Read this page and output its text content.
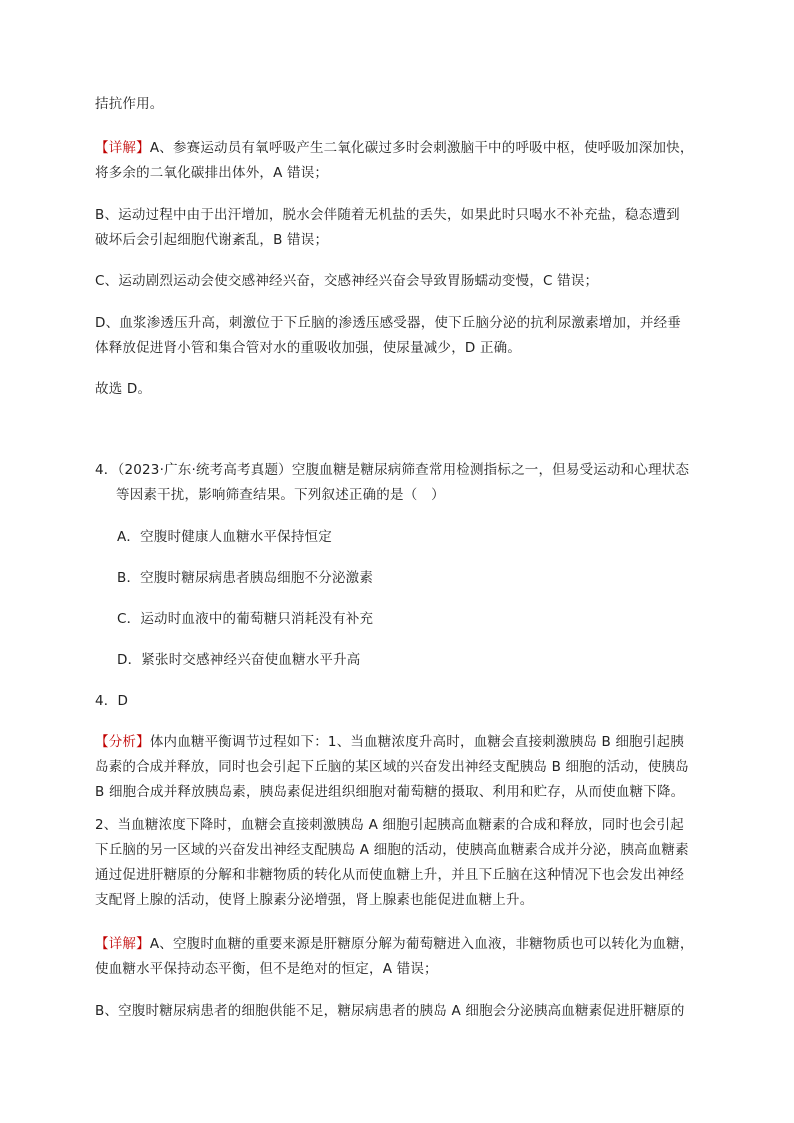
拮抗作用。
【详解】A、参赛运动员有氧呼吸产生二氧化碳过多时会刺激脑干中的呼吸中枢，使呼吸加深加快，
将多余的二氧化碳排出体外，A 错误；
B、运动过程中由于出汗增加，脱水会伴随着无机盐的丢失，如果此时只喝水不补充盐，稳态遭到
破坏后会引起细胞代谢紊乱，B 错误；
C、运动剧烈运动会使交感神经兴奋，交感神经兴奋会导致胃肠蠕动变慢，C 错误；
D、血浆渗透压升高，刺激位于下丘脑的渗透压感受器，使下丘脑分泌的抗利尿激素增加，并经垂
体释放促进肾小管和集合管对水的重吸收加强，使尿量减少，D 正确。
故选 D。
4．（2023·广东·统考高考真题）空腹血糖是糖尿病筛查常用检测指标之一，但易受运动和心理状态
等因素干扰，影响筛查结果。下列叙述正确的是（　）
A．空腹时健康人血糖水平保持恒定
B．空腹时糖尿病患者胰岛细胞不分泌激素
C．运动时血液中的葡萄糖只消耗没有补充
D．紧张时交感神经兴奋使血糖水平升高
4．D
【分析】体内血糖平衡调节过程如下：1、当血糖浓度升高时，血糖会直接刺激胰岛 B 细胞引起胰
岛素的合成并释放，同时也会引起下丘脑的某区域的兴奋发出神经支配胰岛 B 细胞的活动，使胰岛
B 细胞合成并释放胰岛素，胰岛素促进组织细胞对葡萄糖的摄取、利用和贮存，从而使血糖下降。
2、当血糖浓度下降时，血糖会直接刺激胰岛 A 细胞引起胰高血糖素的合成和释放，同时也会引起
下丘脑的另一区域的兴奋发出神经支配胰岛 A 细胞的活动，使胰高血糖素合成并分泌，胰高血糖素
通过促进肝糖原的分解和非糖物质的转化从而使血糖上升，并且下丘脑在这种情况下也会发出神经
支配肾上腺的活动，使肾上腺素分泌增强，肾上腺素也能促进血糖上升。
【详解】A、空腹时血糖的重要来源是肝糖原分解为葡萄糖进入血液，非糖物质也可以转化为血糖，
使血糖水平保持动态平衡，但不是绝对的恒定，A 错误；
B、空腹时糖尿病患者的细胞供能不足，糖尿病患者的胰岛 A 细胞会分泌胰高血糖素促进肝糖原的
